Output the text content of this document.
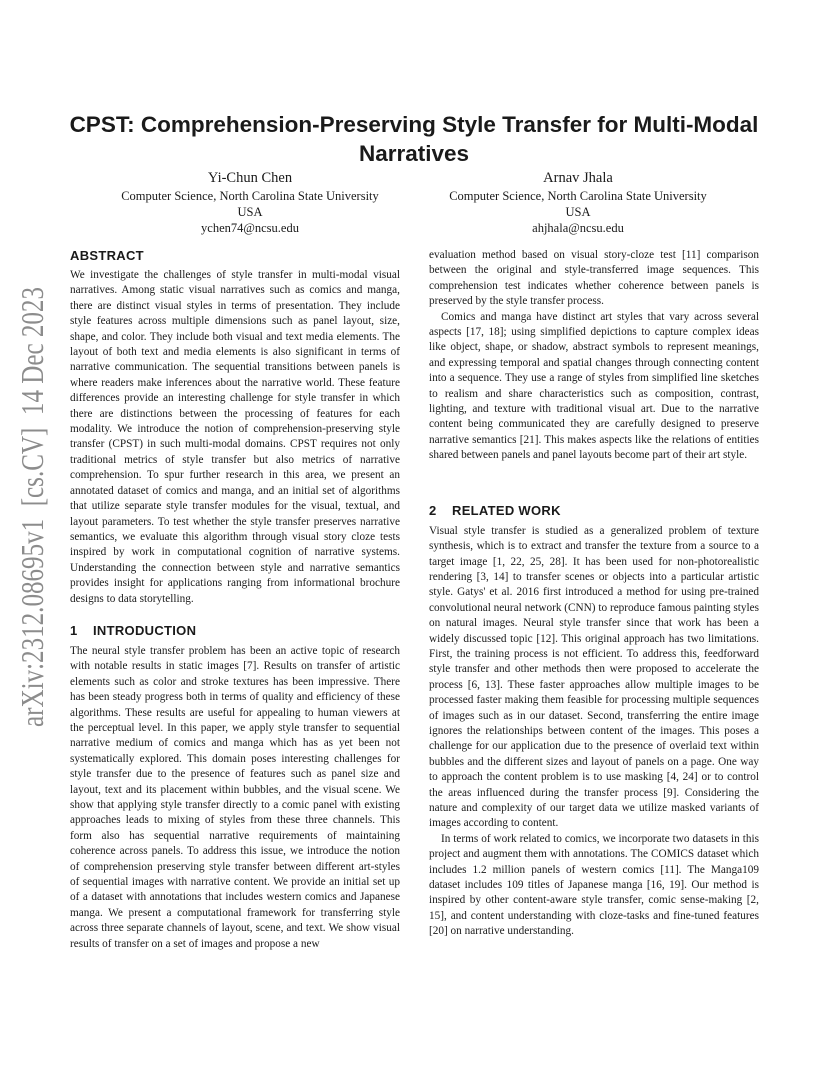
arXiv:2312.08695v1  [cs.CV]  14 Dec 2023
CPST: Comprehension-Preserving Style Transfer for Multi-Modal
Narratives
Yi-Chun Chen
Computer Science, North Carolina State University
USA
ychen74@ncsu.edu
Arnav Jhala
Computer Science, North Carolina State University
USA
ahjhala@ncsu.edu
ABSTRACT

We investigate the challenges of style transfer in multi-modal visual narratives. Among static visual narratives such as comics and manga, there are distinct visual styles in terms of presentation. They include style features across multiple dimensions such as panel layout, size, shape, and color. They include both visual and text media elements. The layout of both text and media elements is also significant in terms of narrative communication. The sequential transitions between panels is where readers make inferences about the narrative world. These feature differences provide an interesting challenge for style transfer in which there are distinctions between the processing of features for each modality. We introduce the notion of comprehension-preserving style transfer (CPST) in such multi-modal domains. CPST requires not only traditional metrics of style transfer but also metrics of narrative comprehension. To spur further research in this area, we present an annotated dataset of comics and manga, and an initial set of algorithms that utilize separate style transfer modules for the visual, textual, and layout parameters. To test whether the style transfer preserves narrative semantics, we evaluate this algorithm through visual story cloze tests inspired by work in computational cognition of narrative systems. Understanding the connection between style and narrative semantics provides insight for applications ranging from informational brochure designs to data storytelling.

1 INTRODUCTION

The neural style transfer problem has been an active topic of research with notable results in static images [7]. Results on transfer of artistic elements such as color and stroke textures has been impressive. There has been steady progress both in terms of quality and efficiency of these algorithms. These results are useful for appealing to human viewers at the perceptual level. In this paper, we apply style transfer to sequential narrative medium of comics and manga which has as yet been not systematically explored. This domain poses interesting challenges for style transfer due to the presence of features such as panel size and layout, text and its placement within bubbles, and the visual scene. We show that applying style transfer directly to a comic panel with existing approaches leads to mixing of styles from these three channels. This form also has sequential narrative requirements of maintaining coherence across panels. To address this issue, we introduce the notion of comprehension preserving style transfer between different art-styles of sequential images with narrative content. We provide an initial set up of a dataset with annotations that includes western comics and Japanese manga. We present a computational framework for transferring style across three separate channels of layout, scene, and text. We show visual results of transfer on a set of images and propose a new

evaluation method based on visual story-cloze test [11] comparison between the original and style-transferred image sequences. This comprehension test indicates whether coherence between panels is preserved by the style transfer process.

Comics and manga have distinct art styles that vary across several aspects [17, 18]; using simplified depictions to capture complex ideas like object, shape, or shadow, abstract symbols to represent meanings, and expressing temporal and spatial changes through connecting content into a sequence. They use a range of styles from simplified line sketches to realism and share characteristics such as composition, contrast, lighting, and texture with traditional visual art. Due to the narrative content being communicated they are carefully designed to preserve narrative semantics [21]. This makes aspects like the relations of entities shared between panels and panel layouts become part of their art style.

2 RELATED WORK

Visual style transfer is studied as a generalized problem of texture synthesis, which is to extract and transfer the texture from a source to a target image [1, 22, 25, 28]. It has been used for non-photorealistic rendering [3, 14] to transfer scenes or objects into a particular artistic style. Gatys' et al. 2016 first introduced a method for using pre-trained convolutional neural network (CNN) to reproduce famous painting styles on natural images. Neural style transfer since that work has been a widely discussed topic [12]. This original approach has two limitations. First, the training process is not efficient. To address this, feedforward style transfer and other methods then were proposed to accelerate the process [6, 13]. These faster approaches allow multiple images to be processed faster making them feasible for processing multiple sequences of images such as in our dataset. Second, transferring the entire image ignores the relationships between content of the images. This poses a challenge for our application due to the presence of overlaid text within bubbles and the different sizes and layout of panels on a page. One way to approach the content problem is to use masking [4, 24] or to control the areas influenced during the transfer process [9]. Considering the nature and complexity of our target data we utilize masked variants of images according to content.

In terms of work related to comics, we incorporate two datasets in this project and augment them with annotations. The COMICS dataset which includes 1.2 million panels of western comics [11]. The Manga109 dataset includes 109 titles of Japanese manga [16, 19]. Our method is inspired by other content-aware style transfer, comic sense-making [2, 15], and content understanding with cloze-tasks and fine-tuned features [20] on narrative understanding.
